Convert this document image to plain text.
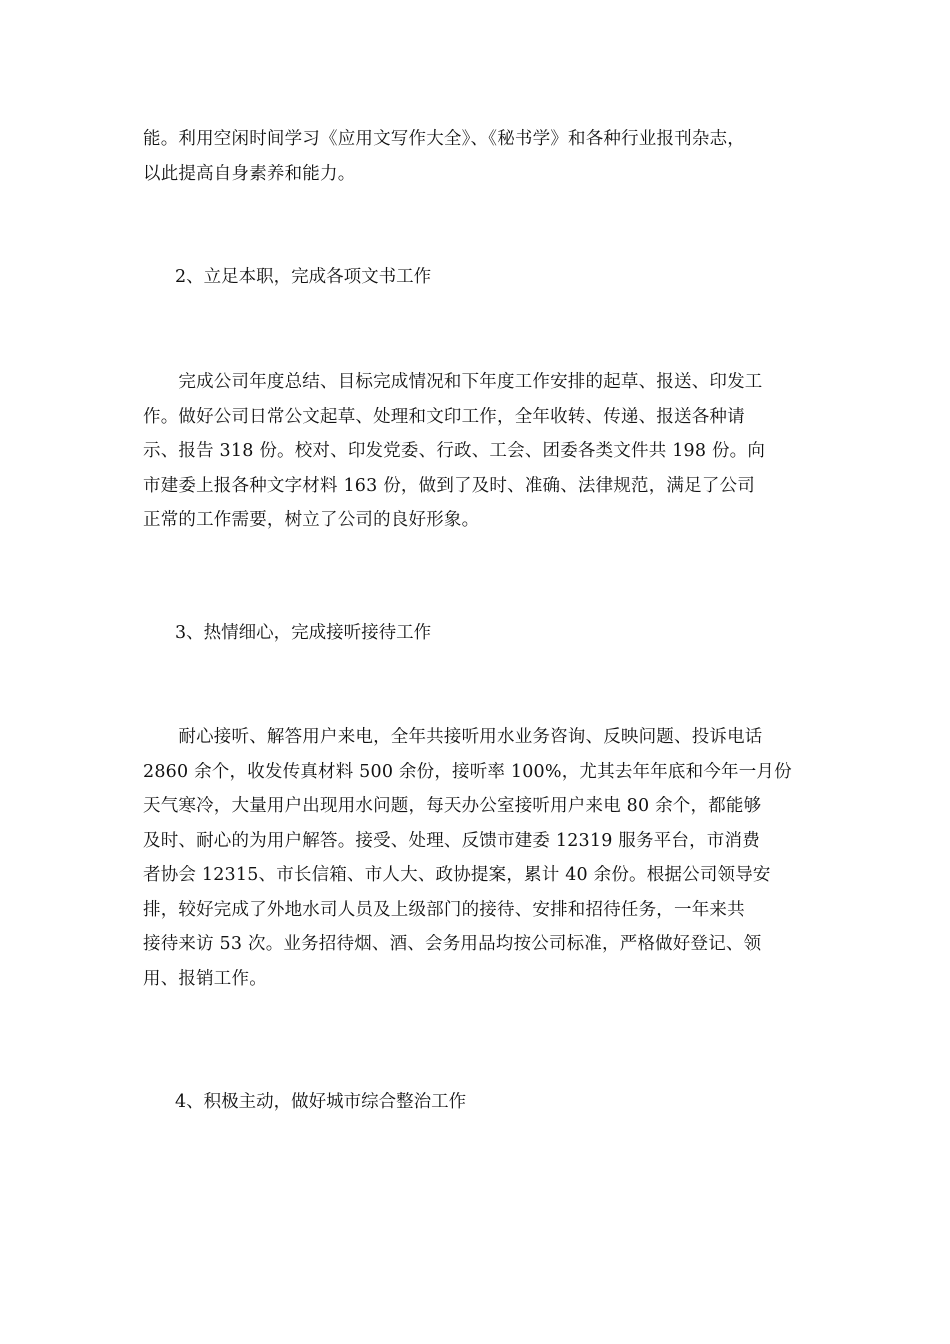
能。利用空闲时间学习《应用文写作大全》、《秘书学》和各种行业报刊杂志，
以此提高自身素养和能力。
2、立足本职，完成各项文书工作
　　完成公司年度总结、目标完成情况和下年度工作安排的起草、报送、印发工
作。做好公司日常公文起草、处理和文印工作，全年收转、传递、报送各种请
示、报告 318 份。校对、印发党委、行政、工会、团委各类文件共 198 份。向
市建委上报各种文字材料 163 份，做到了及时、准确、法律规范，满足了公司
正常的工作需要，树立了公司的良好形象。
3、热情细心，完成接听接待工作
　　耐心接听、解答用户来电，全年共接听用水业务咨询、反映问题、投诉电话
2860 余个，收发传真材料 500 余份，接听率 100%，尤其去年年底和今年一月份
天气寒冷，大量用户出现用水问题，每天办公室接听用户来电 80 余个，都能够
及时、耐心的为用户解答。接受、处理、反馈市建委 12319 服务平台，市消费
者协会 12315、市长信箱、市人大、政协提案，累计 40 余份。根据公司领导安
排，较好完成了外地水司人员及上级部门的接待、安排和招待任务，一年来共
接待来访 53 次。业务招待烟、酒、会务用品均按公司标准，严格做好登记、领
用、报销工作。
4、积极主动，做好城市综合整治工作
